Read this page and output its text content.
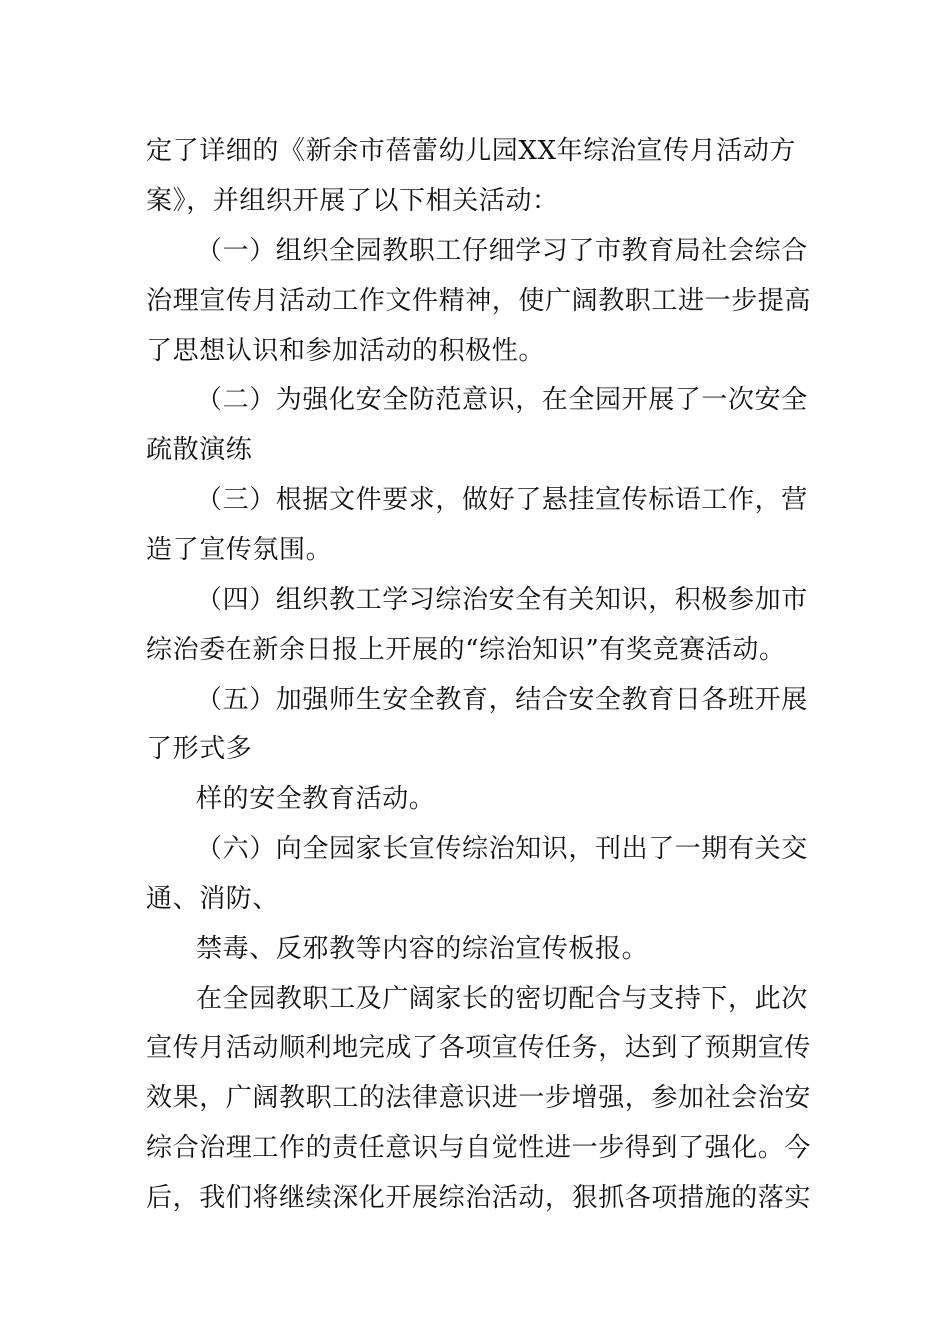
定了详细的《新余市蓓蕾幼儿园XX年综治宣传月活动方
案》，并组织开展了以下相关活动：
（一）组织全园教职工仔细学习了市教育局社会综合
治理宣传月活动工作文件精神，使广阔教职工进一步提高
了思想认识和参加活动的积极性。
（二）为强化安全防范意识，在全园开展了一次安全
疏散演练
（三）根据文件要求，做好了悬挂宣传标语工作，营
造了宣传氛围。
（四）组织教工学习综治安全有关知识，积极参加市
综治委在新余日报上开展的“综治知识”有奖竞赛活动。
（五）加强师生安全教育，结合安全教育日各班开展
了形式多
样的安全教育活动。
（六）向全园家长宣传综治知识，刊出了一期有关交
通、消防、
禁毒、反邪教等内容的综治宣传板报。
在全园教职工及广阔家长的密切配合与支持下，此次
宣传月活动顺利地完成了各项宣传任务，达到了预期宣传
效果，广阔教职工的法律意识进一步增强，参加社会治安
综合治理工作的责任意识与自觉性进一步得到了强化。今
后，我们将继续深化开展综治活动，狠抓各项措施的落实
